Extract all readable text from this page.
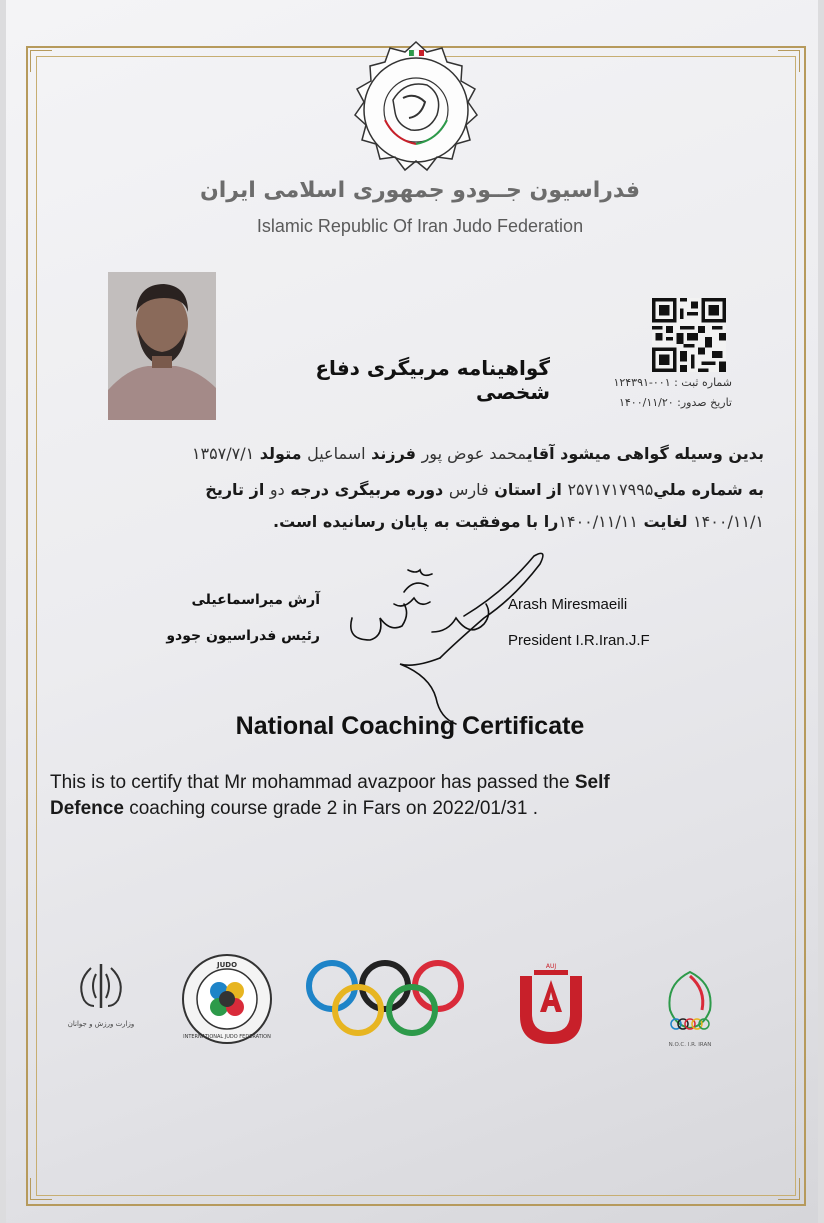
فدراسیون جــودو جمهوری اسلامی ایران
Islamic Republic Of Iran Judo Federation
گواهینامه مربیگری دفاع شخصی	شماره ثبت : ۰۰۱-۱۲۴۳۹۱
تاریخ صدور: ۱۴۰۰/۱۱/۲۰
بدین وسیله گواهی میشود آقایمحمد عوض پور فرزند اسماعیل متولد ۱۳۵۷/۷/۱
به شماره ملي۲۵۷۱۷۱۷۹۹۵ از استان فارس دوره مربیگری درجه دو از تاریخ
۱۴۰۰/۱۱/۱ لغایت ۱۴۰۰/۱۱/۱۱را با موفقیت به پایان رسانیده است.
آرش میراسماعیلی
رئیس فدراسیون جودو
Arash Miresmaeili
President I.R.Iran.J.F
National Coaching Certificate
This is to certify that Mr mohammad avazpoor has passed the Self
Defence coaching course grade 2 in Fars on 2022/01/31 .
وزارت ورزش و جوانان
JUDO
INTERNATIONAL JUDO FEDERATION
AUJ
N.O.C. I.R. IRAN
